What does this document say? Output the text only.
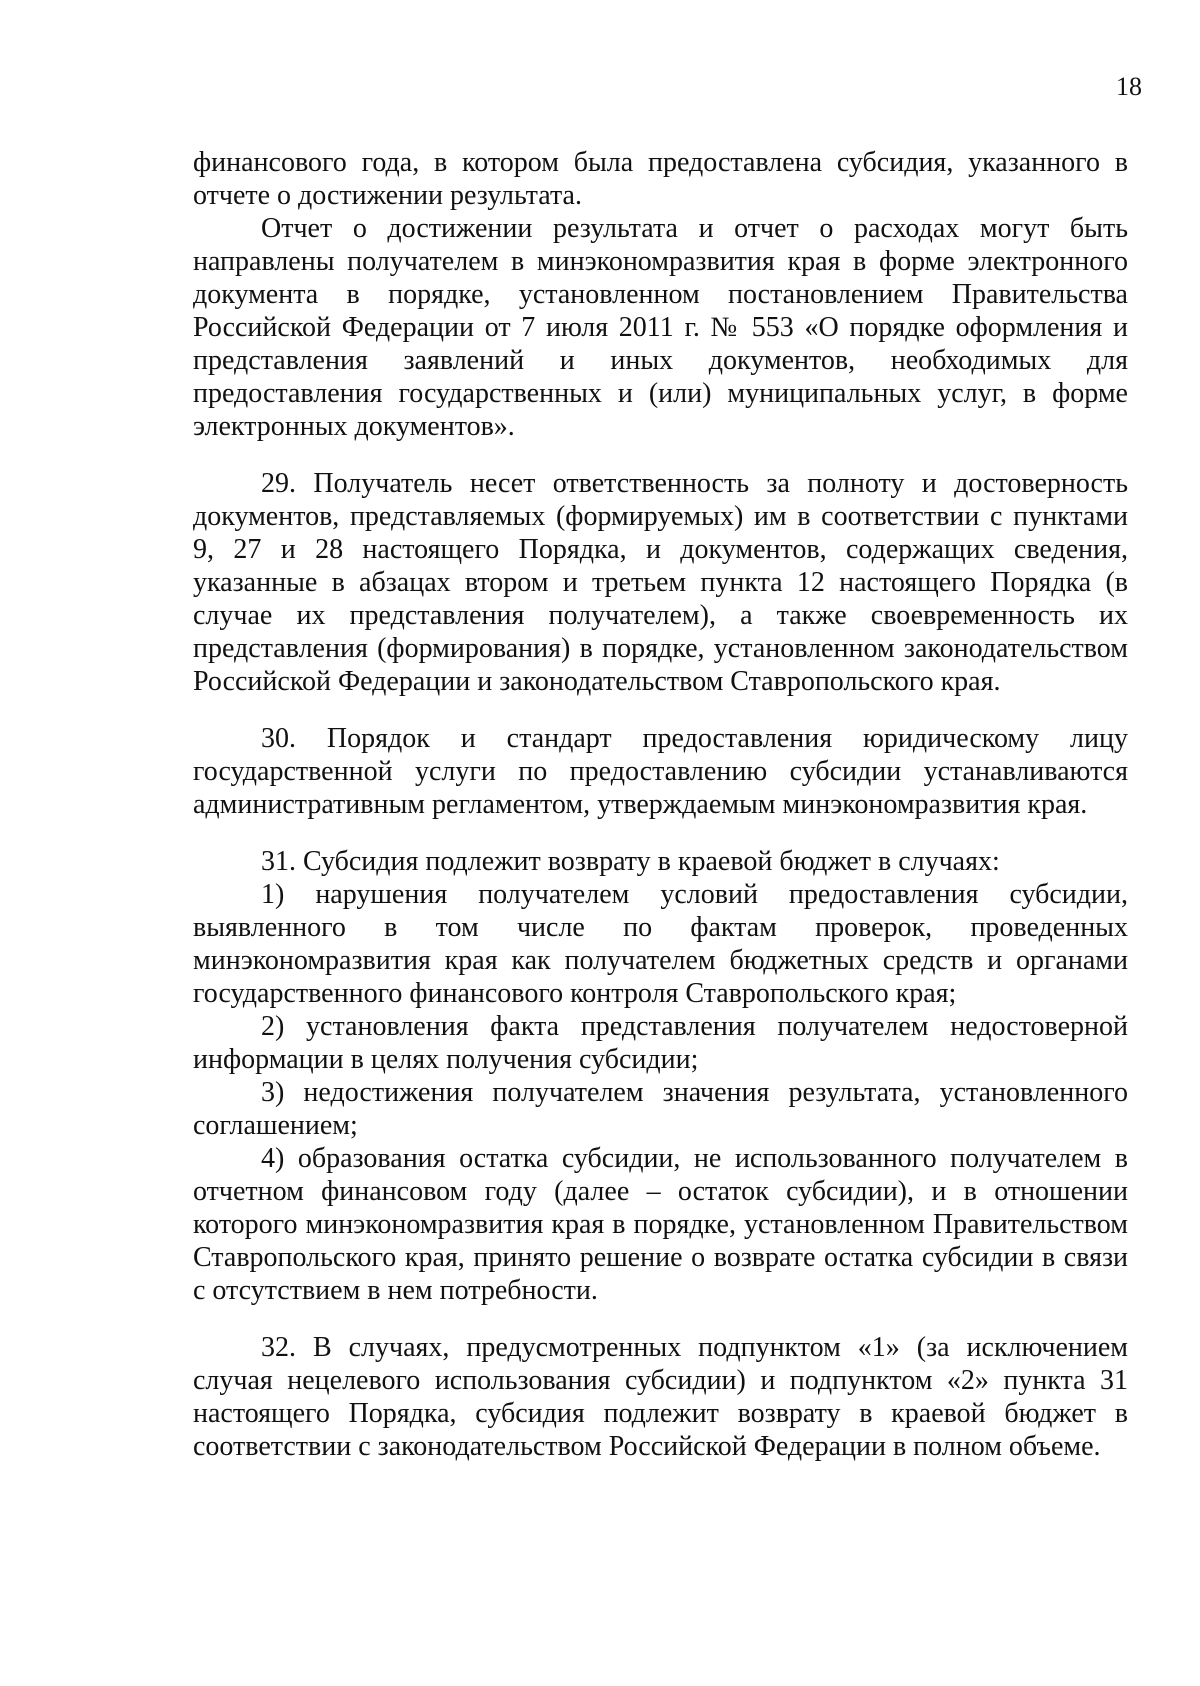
18

финансового года, в котором была предоставлена субсидия, указанного в отчете о достижении результата.

Отчет о достижении результата и отчет о расходах могут быть направлены получателем в минэкономразвития края в форме электронного документа в порядке, установленном постановлением Правительства Российской Федерации от 7 июля 2011 г. № 553 «О порядке оформления и представления заявлений и иных документов, необходимых для предоставления государственных и (или) муниципальных услуг, в форме электронных документов».

29. Получатель несет ответственность за полноту и достоверность документов, представляемых (формируемых) им в соответствии с пунктами 9, 27 и 28 настоящего Порядка, и документов, содержащих сведения, указанные в абзацах втором и третьем пункта 12 настоящего Порядка (в случае их представления получателем), а также своевременность их представления (формирования) в порядке, установленном законодательством Российской Федерации и законодательством Ставропольского края.

30. Порядок и стандарт предоставления юридическому лицу государственной услуги по предоставлению субсидии устанавливаются административным регламентом, утверждаемым минэкономразвития края.

31. Субсидия подлежит возврату в краевой бюджет в случаях:

1) нарушения получателем условий предоставления субсидии, выявленного в том числе по фактам проверок, проведенных минэкономразвития края как получателем бюджетных средств и органами государственного финансового контроля Ставропольского края;

2) установления факта представления получателем недостоверной информации в целях получения субсидии;

3) недостижения получателем значения результата, установленного соглашением;

4) образования остатка субсидии, не использованного получателем в отчетном финансовом году (далее – остаток субсидии), и в отношении которого минэкономразвития края в порядке, установленном Правительством Ставропольского края, принято решение о возврате остатка субсидии в связи с отсутствием в нем потребности.

32. В случаях, предусмотренных подпунктом «1» (за исключением случая нецелевого использования субсидии) и подпунктом «2» пункта 31 настоящего Порядка, субсидия подлежит возврату в краевой бюджет в соответствии с законодательством Российской Федерации в полном объеме.
